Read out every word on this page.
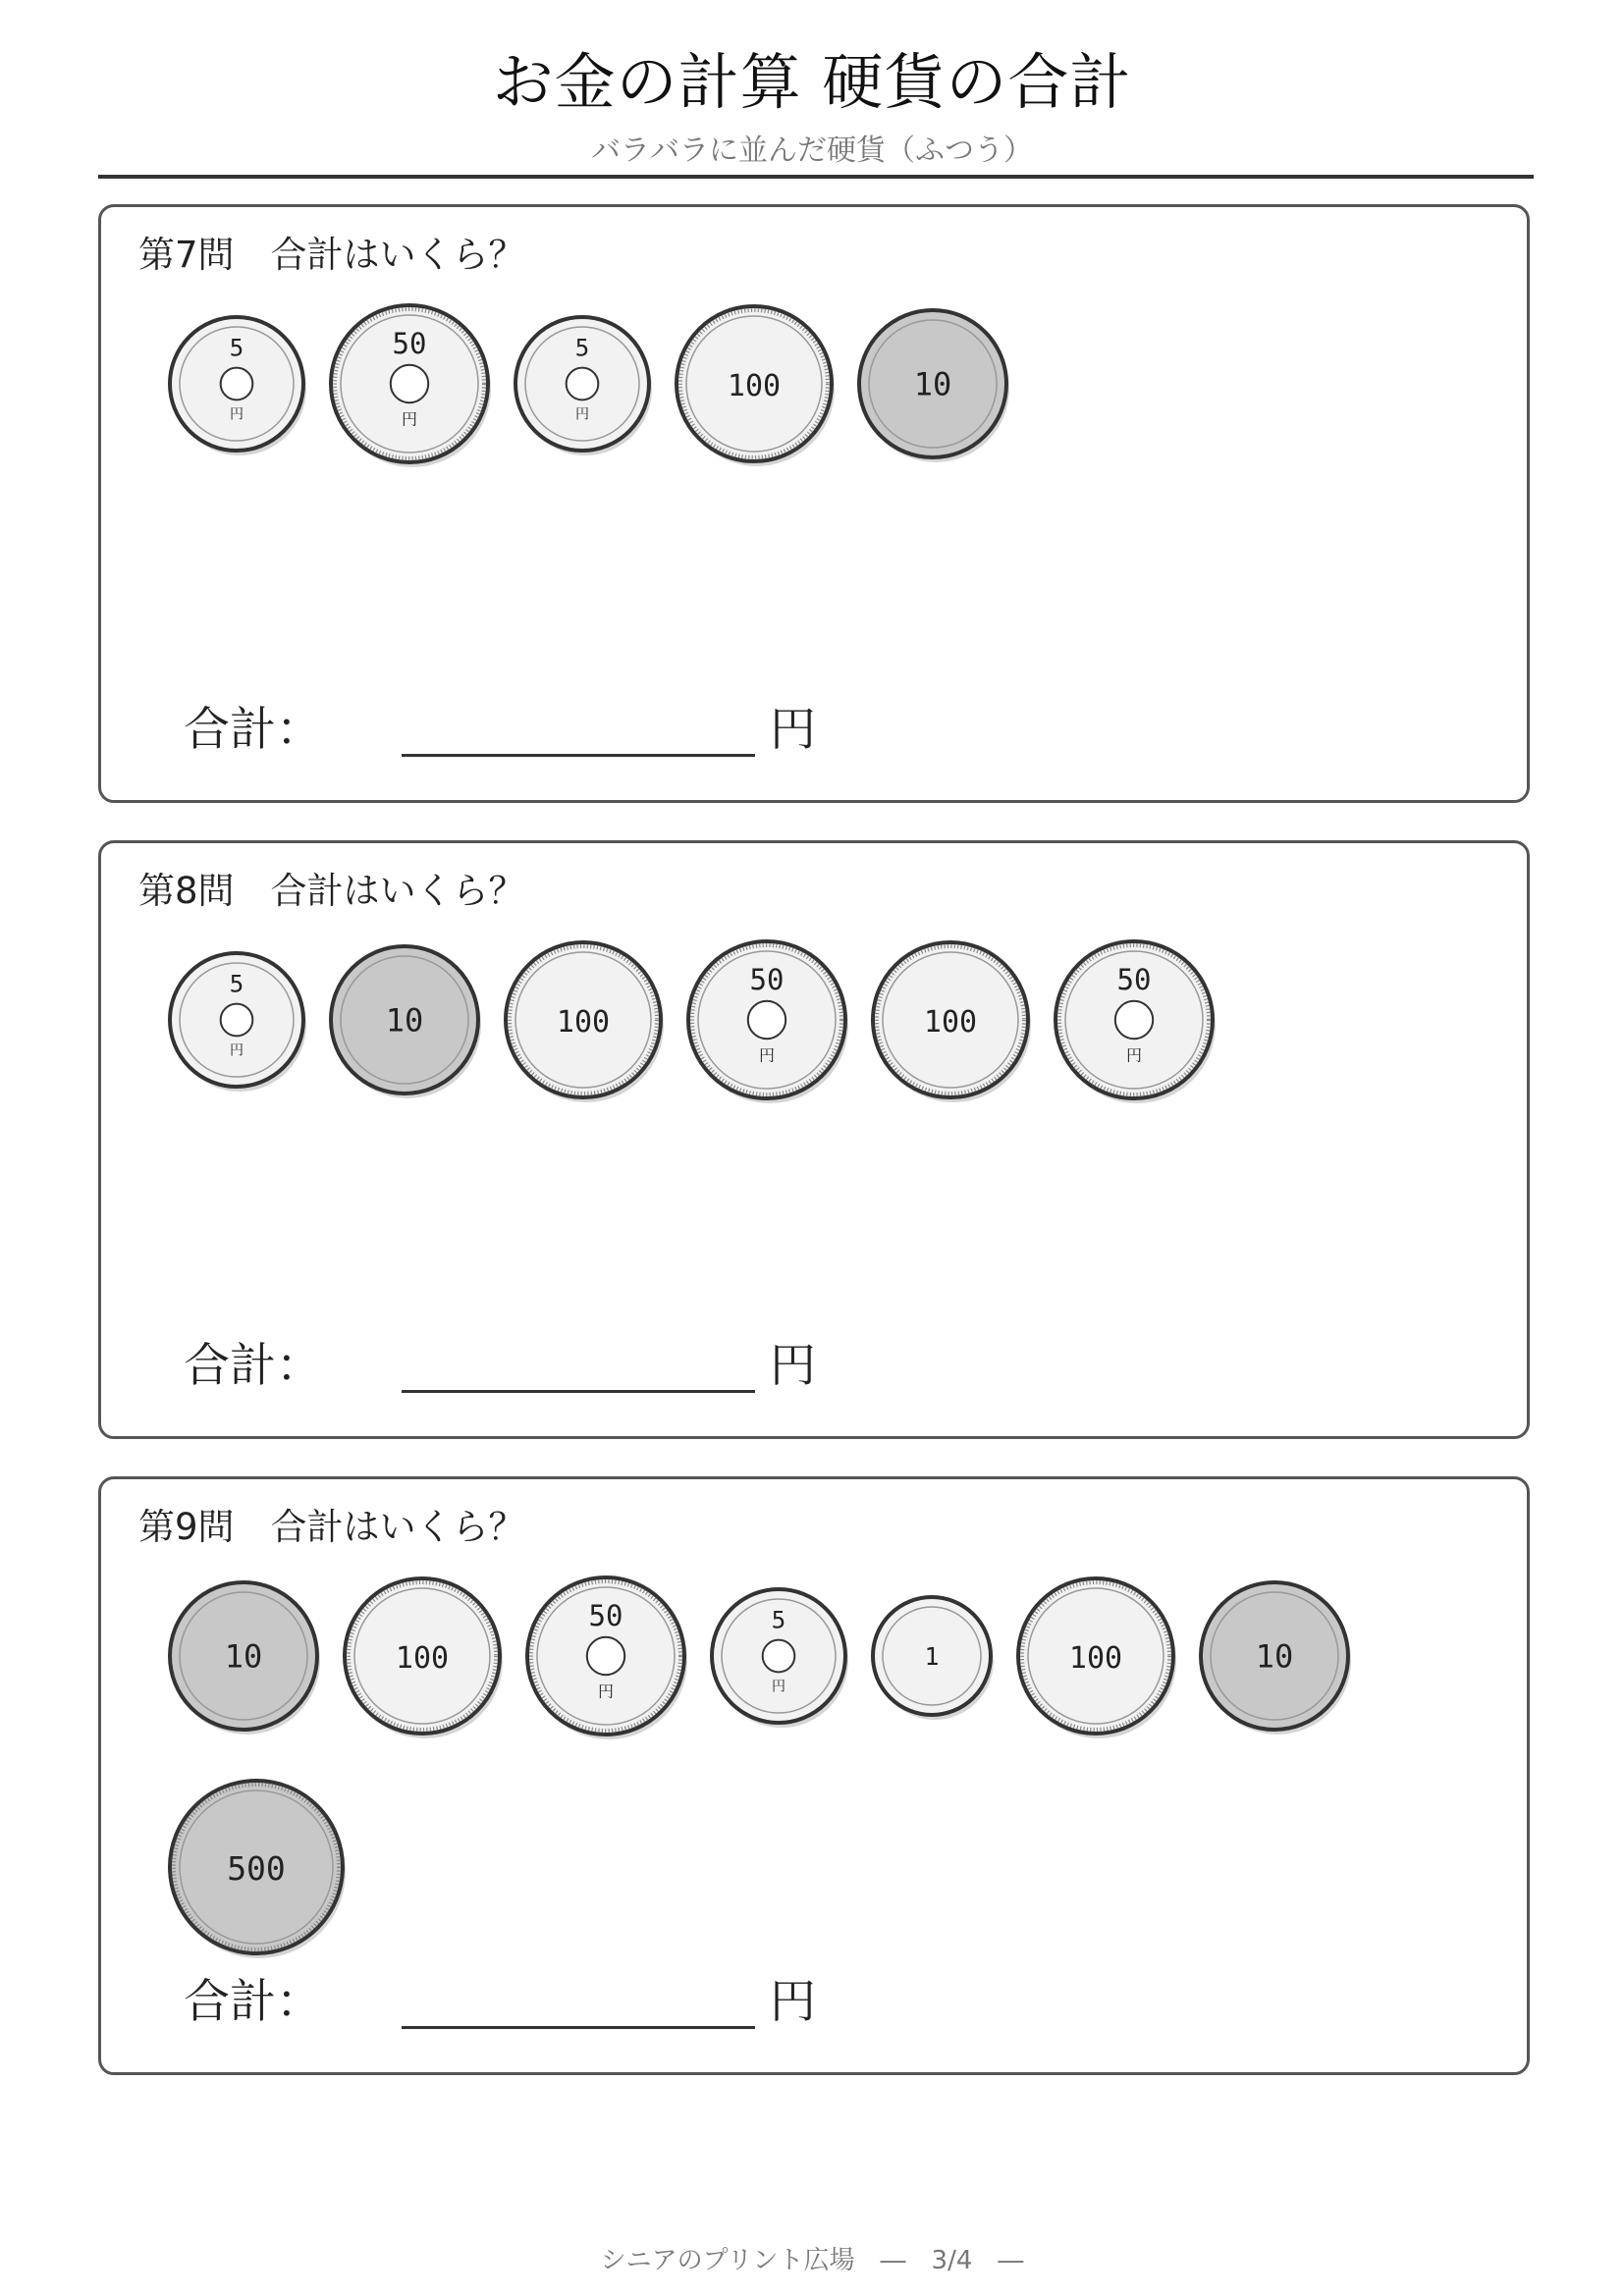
お金の計算 硬貨の合計
バラバラに並んだ硬貨（ふつう）
第7問　合計はいくら？
5
円
50
円
5
円
100	10
合計：	円
第8問　合計はいくら？
5
円
10	100
50
円
100
50
円
合計：	円
第9問　合計はいくら？
10	100
50
円
5
円
1	100	10
500
合計：	円
シニアのプリント広場　―　3/4　―
